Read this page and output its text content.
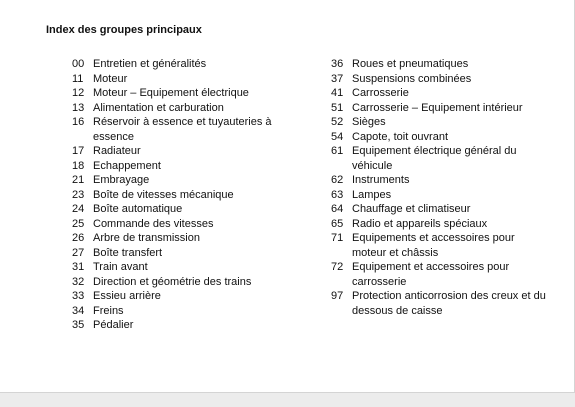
Index des groupes principaux
00 Entretien et généralités
11 Moteur
12 Moteur – Equipement électrique
13 Alimentation et carburation
16 Réservoir à essence et tuyauteries à essence
17 Radiateur
18 Echappement
21 Embrayage
23 Boîte de vitesses mécanique
24 Boîte automatique
25 Commande des vitesses
26 Arbre de transmission
27 Boîte transfert
31 Train avant
32 Direction et géométrie des trains
33 Essieu arrière
34 Freins
35 Pédalier
36 Roues et pneumatiques
37 Suspensions combinées
41 Carrosserie
51 Carrosserie – Equipement intérieur
52 Sièges
54 Capote, toit ouvrant
61 Equipement électrique général du véhicule
62 Instruments
63 Lampes
64 Chauffage et climatiseur
65 Radio et appareils spéciaux
71 Equipements et accessoires pour moteur et châssis
72 Equipement et accessoires pour carrosserie
97 Protection anticorrosion des creux et du dessous de caisse
